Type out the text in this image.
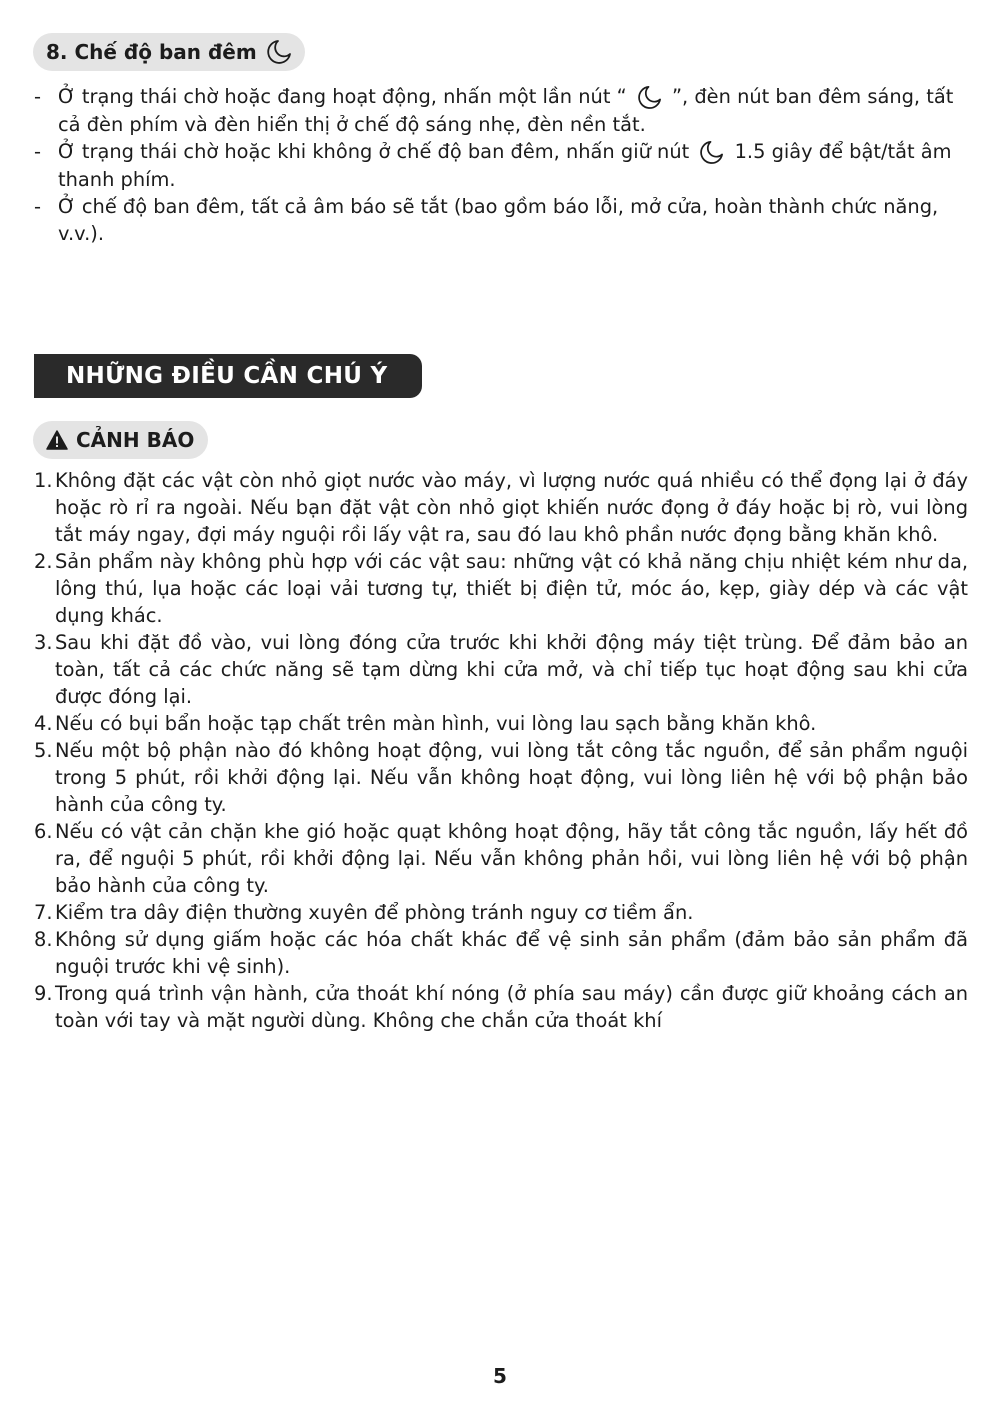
8. Chế độ ban đêm
- Ở trạng thái chờ hoặc đang hoạt động, nhấn một lần nút “ ”, đèn nút ban đêm sáng, tất cả đèn phím và đèn hiển thị ở chế độ sáng nhẹ, đèn nền tắt.
- Ở trạng thái chờ hoặc khi không ở chế độ ban đêm, nhấn giữ nút 1.5 giây để bật/tắt âm thanh phím.
- Ở chế độ ban đêm, tất cả âm báo sẽ tắt (bao gồm báo lỗi, mở cửa, hoàn thành chức năng, v.v.).
NHỮNG ĐIỀU CẦN CHÚ Ý
CẢNH BÁO
1. Không đặt các vật còn nhỏ giọt nước vào máy, vì lượng nước quá nhiều có thể đọng lại ở đáy hoặc rò rỉ ra ngoài. Nếu bạn đặt vật còn nhỏ giọt khiến nước đọng ở đáy hoặc bị rò, vui lòng tắt máy ngay, đợi máy nguội rồi lấy vật ra, sau đó lau khô phần nước đọng bằng khăn khô.
2. Sản phẩm này không phù hợp với các vật sau: những vật có khả năng chịu nhiệt kém như da, lông thú, lụa hoặc các loại vải tương tự, thiết bị điện tử, móc áo, kẹp, giày dép và các vật dụng khác.
3. Sau khi đặt đồ vào, vui lòng đóng cửa trước khi khởi động máy tiệt trùng. Để đảm bảo an toàn, tất cả các chức năng sẽ tạm dừng khi cửa mở, và chỉ tiếp tục hoạt động sau khi cửa được đóng lại.
4. Nếu có bụi bẩn hoặc tạp chất trên màn hình, vui lòng lau sạch bằng khăn khô.
5. Nếu một bộ phận nào đó không hoạt động, vui lòng tắt công tắc nguồn, để sản phẩm nguội trong 5 phút, rồi khởi động lại. Nếu vẫn không hoạt động, vui lòng liên hệ với bộ phận bảo hành của công ty.
6. Nếu có vật cản chặn khe gió hoặc quạt không hoạt động, hãy tắt công tắc nguồn, lấy hết đồ ra, để nguội 5 phút, rồi khởi động lại. Nếu vẫn không phản hồi, vui lòng liên hệ với bộ phận bảo hành của công ty.
7. Kiểm tra dây điện thường xuyên để phòng tránh nguy cơ tiềm ẩn.
8. Không sử dụng giấm hoặc các hóa chất khác để vệ sinh sản phẩm (đảm bảo sản phẩm đã nguội trước khi vệ sinh).
9. Trong quá trình vận hành, cửa thoát khí nóng (ở phía sau máy) cần được giữ khoảng cách an toàn với tay và mặt người dùng. Không che chắn cửa thoát khí
5
